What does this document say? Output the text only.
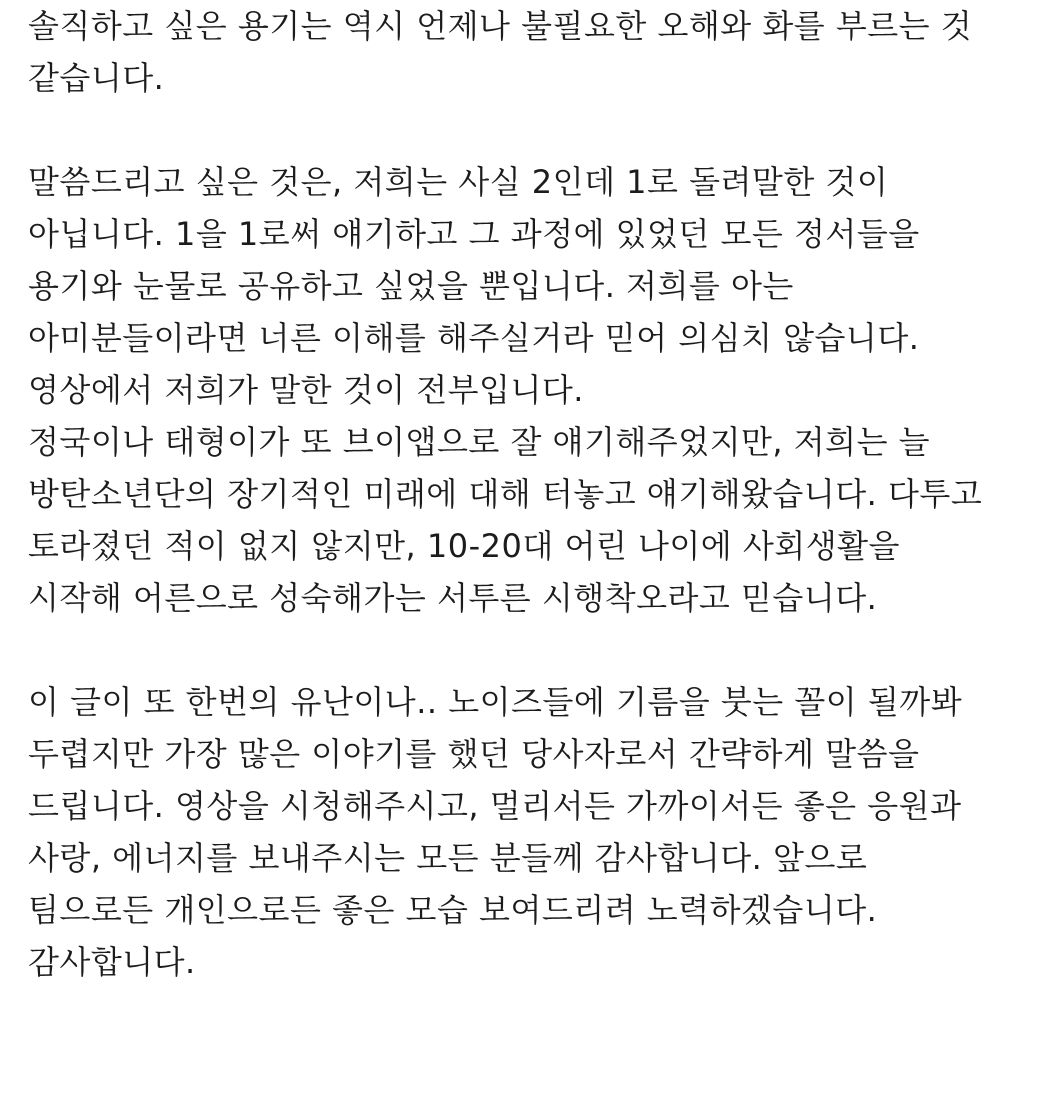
솔직하고 싶은 용기는 역시 언제나 불필요한 오해와 화를 부르는 것
같습니다.
말씀드리고 싶은 것은, 저희는 사실 2인데 1로 돌려말한 것이
아닙니다. 1을 1로써 얘기하고 그 과정에 있었던 모든 정서들을
용기와 눈물로 공유하고 싶었을 뿐입니다. 저희를 아는
아미분들이라면 너른 이해를 해주실거라 믿어 의심치 않습니다.
영상에서 저희가 말한 것이 전부입니다.
정국이나 태형이가 또 브이앱으로 잘 얘기해주었지만, 저희는 늘
방탄소년단의 장기적인 미래에 대해 터놓고 얘기해왔습니다. 다투고
토라졌던 적이 없지 않지만, 10-20대 어린 나이에 사회생활을
시작해 어른으로 성숙해가는 서투른 시행착오라고 믿습니다.
이 글이 또 한번의 유난이나.. 노이즈들에 기름을 붓는 꼴이 될까봐
두렵지만 가장 많은 이야기를 했던 당사자로서 간략하게 말씀을
드립니다. 영상을 시청해주시고, 멀리서든 가까이서든 좋은 응원과
사랑, 에너지를 보내주시는 모든 분들께 감사합니다. 앞으로
팀으로든 개인으로든 좋은 모습 보여드리려 노력하겠습니다.
감사합니다.
